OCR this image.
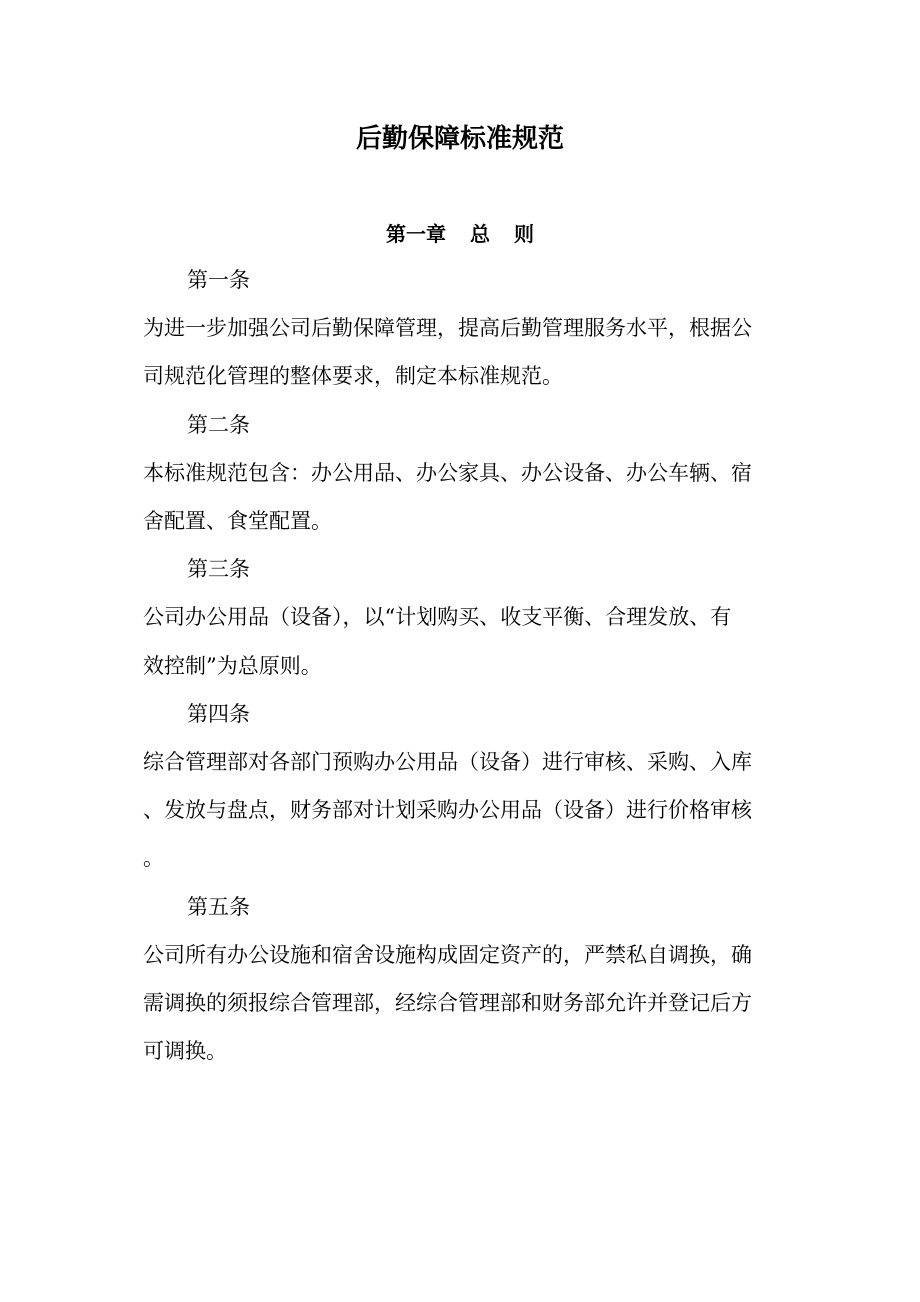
后勤保障标准规范
第一章 总 则
第一条
为进一步加强公司后勤保障管理，提高后勤管理服务水平，根据公
司规范化管理的整体要求，制定本标准规范。
第二条
本标准规范包含：办公用品、办公家具、办公设备、办公车辆、宿
舍配置、食堂配置。
第三条
公司办公用品（设备），以“计划购买、收支平衡、合理发放、有
效控制”为总原则。
第四条
综合管理部对各部门预购办公用品（设备）进行审核、采购、入库
、发放与盘点，财务部对计划采购办公用品（设备）进行价格审核
。
第五条
公司所有办公设施和宿舍设施构成固定资产的，严禁私自调换，确
需调换的须报综合管理部，经综合管理部和财务部允许并登记后方
可调换。
